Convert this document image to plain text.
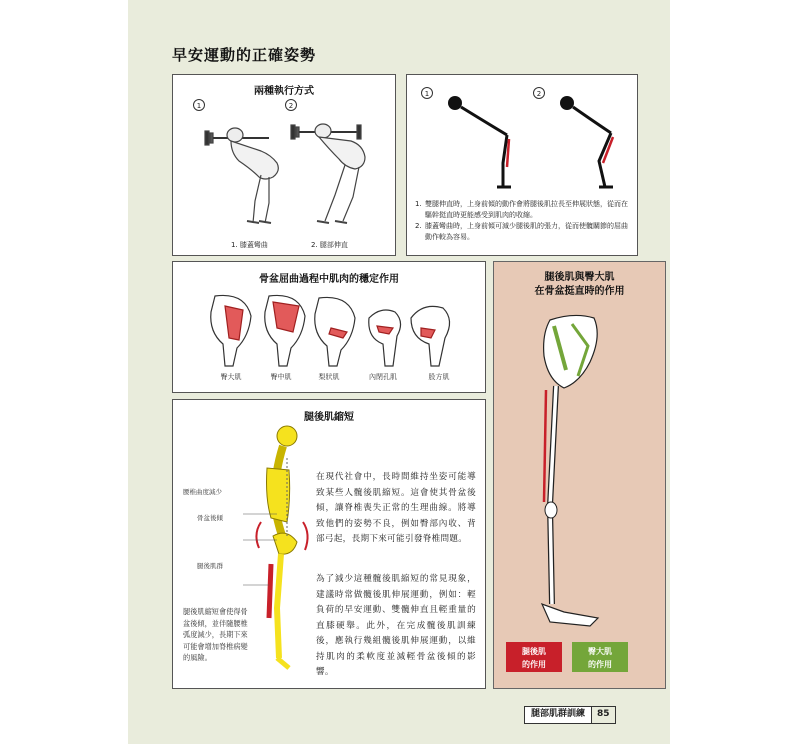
早安運動的正確姿勢
兩種執行方式
1	2
1. 膝蓋彎曲	2. 腿部伸直
1	2
1. 雙腿伸直時，上身前傾的動作會將腿後肌拉長至伸展狀態，從而在驅幹挺直時更能感受到肌肉的收縮。
2. 膝蓋彎曲時，上身前傾可減少腿後肌的張力，從而使髖關節的屈曲動作較為容易。
骨盆屈曲過程中肌肉的穩定作用
臀大肌	臀中肌	梨狀肌	內閉孔肌	股方肌
腿後肌縮短
腰椎曲度減少
骨盆後傾
腿後肌群
腿後肌縮短會使得骨盆後傾，並伴隨腰椎弧度減少，長期下來可能會增加脊椎病變的風險。
在現代社會中，長時間維持坐姿可能導致某些人髖後肌縮短。這會使其骨盆後傾，讓脊椎喪失正常的生理曲線。將導致他們的姿勢不良，例如臀部內收、背部弓起，長期下來可能引發脊椎問題。
為了減少這種髖後肌縮短的常見現象，建議時常做髖後肌伸展運動，例如：輕負荷的早安運動、雙髖伸直且輕重量的直膝硬舉。此外，在完成髖後肌訓練後，應執行幾組髖後肌伸展運動，以維持肌肉的柔軟度並減輕骨盆後傾的影響。
腿後肌與臀大肌
在骨盆挺直時的作用
腿後肌
的作用
臀大肌
的作用
腿部肌群訓練	85
